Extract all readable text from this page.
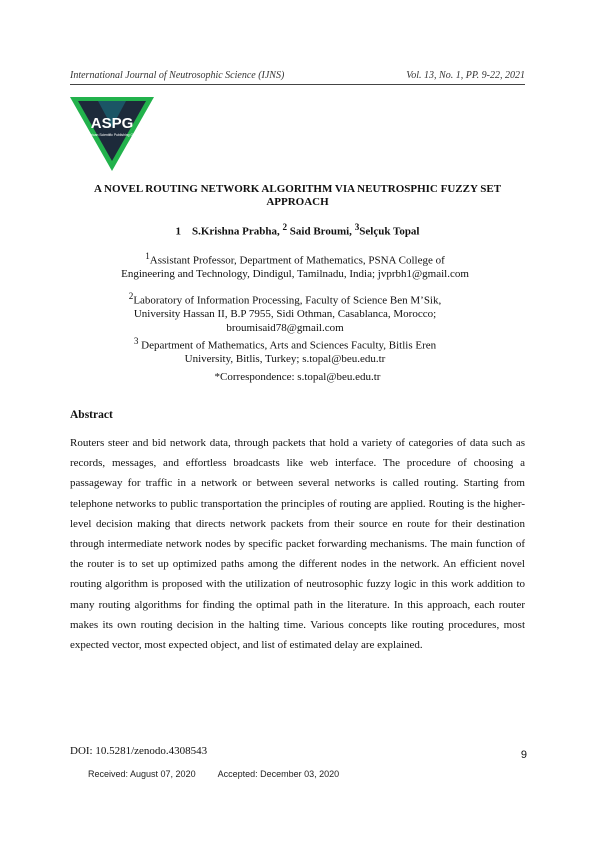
International Journal of Neutrosophic Science (IJNS)	Vol. 13, No. 1, PP. 9-22, 2021
ASPG
American Scientific Publishing Group
A NOVEL ROUTING NETWORK ALGORITHM VIA NEUTROSPHIC FUZZY SET
APPROACH
1 S.Krishna Prabha, $^2$ Said Broumi, $^3$Selçuk Topal
$^1$Assistant Professor, Department of Mathematics, PSNA College of
Engineering and Technology, Dindigul, Tamilnadu, India; jvprbh1@gmail.com
$^2$Laboratory of Information Processing, Faculty of Science Ben M’Sik,
University Hassan II, B.P 7955, Sidi Othman, Casablanca, Morocco;
broumisaid78@gmail.com
$^3$ Department of Mathematics, Arts and Sciences Faculty, Bitlis Eren
University, Bitlis, Turkey; s.topal@beu.edu.tr
*Correspondence: s.topal@beu.edu.tr
Abstract
Routers steer and bid network data, through packets that hold a variety of categories of data such as records, messages, and effortless broadcasts like web interface. The procedure of choosing a passageway for traffic in a network or between several networks is called routing. Starting from telephone networks to public transportation the principles of routing are applied. Routing is the higher-level decision making that directs network packets from their source en route for their destination through intermediate network nodes by specific packet forwarding mechanisms. The main function of the router is to set up optimized paths among the different nodes in the network. An efficient novel routing algorithm is proposed with the utilization of neutrosophic fuzzy logic in this work addition to many routing algorithms for finding the optimal path in the literature. In this approach, each router makes its own routing decision in the halting time. Various concepts like routing procedures, most expected vector, most expected object, and list of estimated delay are explained.
DOI: 10.5281/zenodo.4308543	9
Received: August 07, 2020 Accepted: December 03, 2020
